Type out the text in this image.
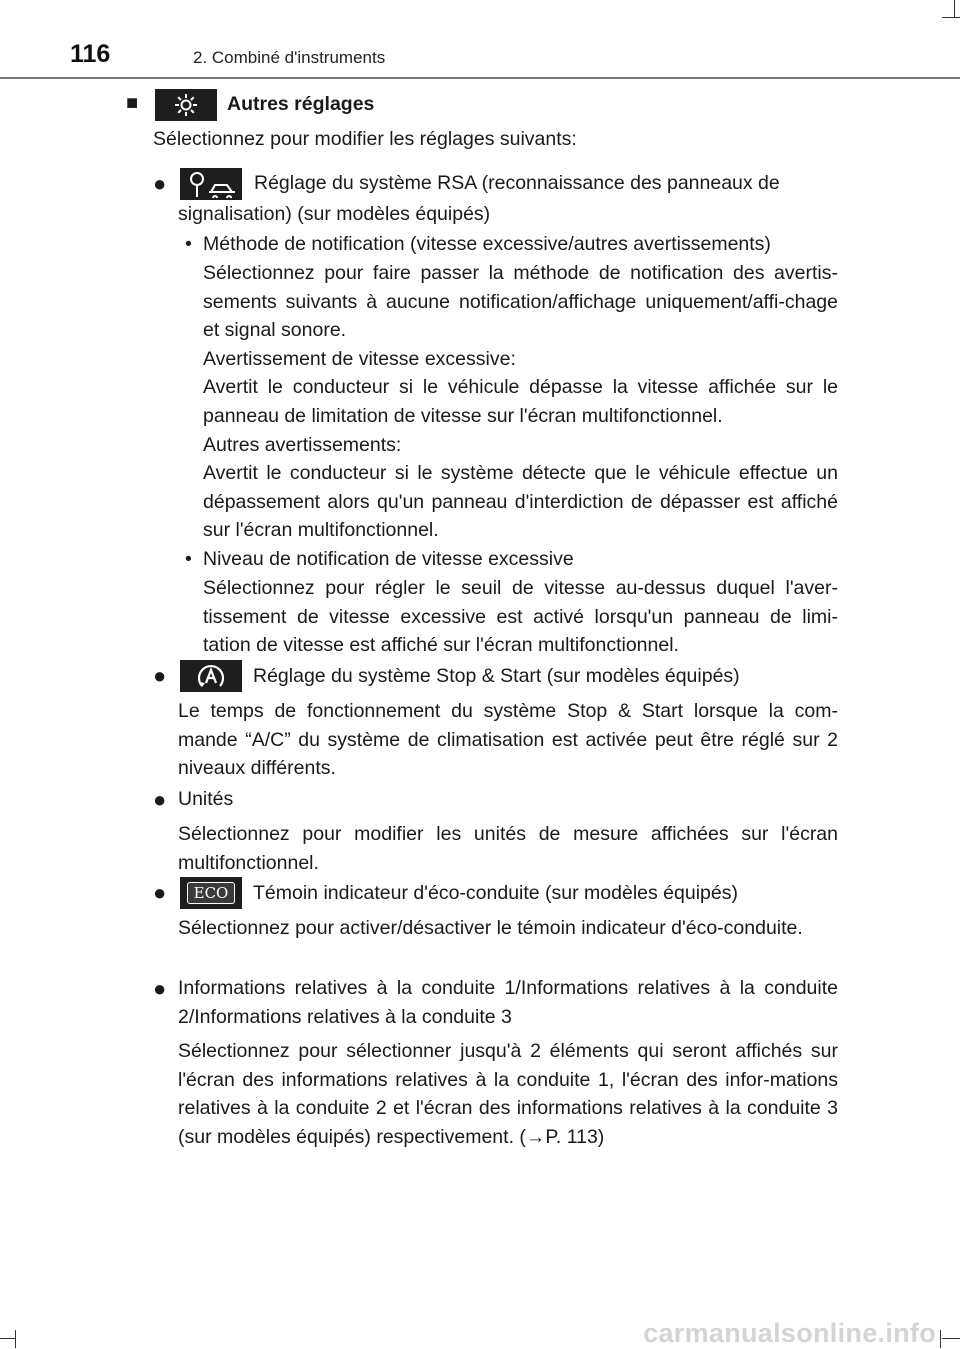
116	2. Combiné d'instruments
■	Autres réglages
Sélectionnez pour modifier les réglages suivants:
●	Réglage du système RSA (reconnaissance des panneaux de
signalisation) (sur modèles équipés)
• Méthode de notification (vitesse excessive/autres avertissements)
Sélectionnez pour faire passer la méthode de notification des avertis-sements suivants à aucune notification/affichage uniquement/affi-chage et signal sonore.
Avertissement de vitesse excessive:
Avertit le conducteur si le véhicule dépasse la vitesse affichée sur le panneau de limitation de vitesse sur l'écran multifonctionnel.
Autres avertissements:
Avertit le conducteur si le système détecte que le véhicule effectue un dépassement alors qu'un panneau d'interdiction de dépasser est affiché sur l'écran multifonctionnel.
• Niveau de notification de vitesse excessive
Sélectionnez pour régler le seuil de vitesse au-dessus duquel l'aver-tissement de vitesse excessive est activé lorsqu'un panneau de limi-tation de vitesse est affiché sur l'écran multifonctionnel.
●	Réglage du système Stop & Start (sur modèles équipés)
Le temps de fonctionnement du système Stop & Start lorsque la com-mande “A/C” du système de climatisation est activée peut être réglé sur 2 niveaux différents.
● Unités
Sélectionnez pour modifier les unités de mesure affichées sur l'écran multifonctionnel.
●	ECO	Témoin indicateur d'éco-conduite (sur modèles équipés)
Sélectionnez pour activer/désactiver le témoin indicateur d'éco-conduite.
● Informations relatives à la conduite 1/Informations relatives à la conduite 2/Informations relatives à la conduite 3
Sélectionnez pour sélectionner jusqu'à 2 éléments qui seront affichés sur l'écran des informations relatives à la conduite 1, l'écran des infor-mations relatives à la conduite 2 et l'écran des informations relatives à la conduite 3 (sur modèles équipés) respectivement. (→P. 113)
carmanualsonline.info
